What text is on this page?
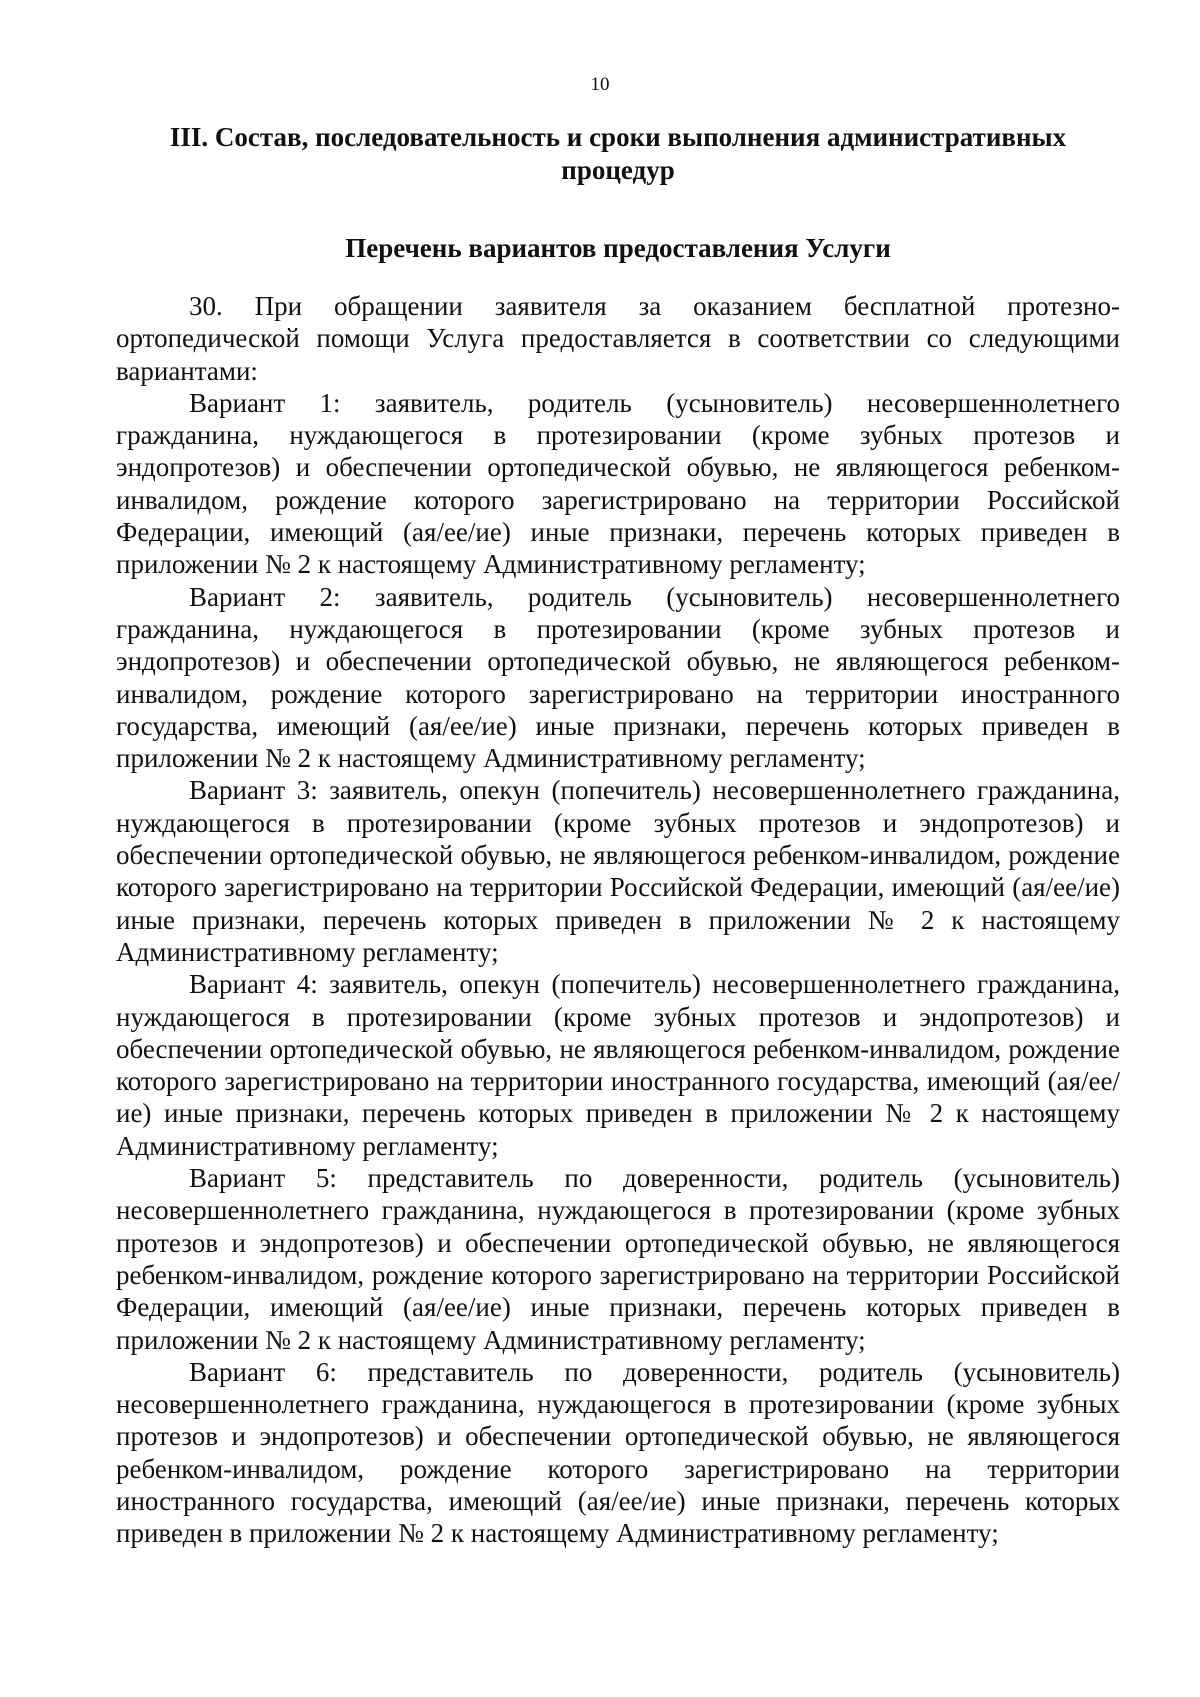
10
III. Состав, последовательность и сроки выполнения административных процедур
Перечень вариантов предоставления Услуги

30. При обращении заявителя за оказанием бесплатной протезно-ортопедической помощи Услуга предоставляется в соответствии со следующими вариантами:

Вариант 1: заявитель, родитель (усыновитель) несовершеннолетнего гражданина, нуждающегося в протезировании (кроме зубных протезов и эндопротезов) и обеспечении ортопедической обувью, не являющегося ребенком-инвалидом, рождение которого зарегистрировано на территории Российской Федерации, имеющий (ая/ее/ие) иные признаки, перечень которых приведен в приложении № 2 к настоящему Административному регламенту;

Вариант 2: заявитель, родитель (усыновитель) несовершеннолетнего гражданина, нуждающегося в протезировании (кроме зубных протезов и эндопротезов) и обеспечении ортопедической обувью, не являющегося ребенком-инвалидом, рождение которого зарегистрировано на территории иностранного государства, имеющий (ая/ее/ие) иные признаки, перечень которых приведен в приложении № 2 к настоящему Административному регламенту;

Вариант 3: заявитель, опекун (попечитель) несовершеннолетнего гражданина, нуждающегося в протезировании (кроме зубных протезов и эндопротезов) и обеспечении ортопедической обувью, не являющегося ребенком-инвалидом, рождение которого зарегистрировано на территории Российской Федерации, имеющий (ая/ее/ие) иные признаки, перечень которых приведен в приложении № 2 к настоящему Административному регламенту;

Вариант 4: заявитель, опекун (попечитель) несовершеннолетнего гражданина, нуждающегося в протезировании (кроме зубных протезов и эндопротезов) и обеспечении ортопедической обувью, не являющегося ребенком-инвалидом, рождение которого зарегистрировано на территории иностранного государства, имеющий (ая/ее/ие) иные признаки, перечень которых приведен в приложении № 2 к настоящему Административному регламенту;

Вариант 5: представитель по доверенности, родитель (усыновитель) несовершеннолетнего гражданина, нуждающегося в протезировании (кроме зубных протезов и эндопротезов) и обеспечении ортопедической обувью, не являющегося ребенком-инвалидом, рождение которого зарегистрировано на территории Российской Федерации, имеющий (ая/ее/ие) иные признаки, перечень которых приведен в приложении № 2 к настоящему Административному регламенту;

Вариант 6: представитель по доверенности, родитель (усыновитель) несовершеннолетнего гражданина, нуждающегося в протезировании (кроме зубных протезов и эндопротезов) и обеспечении ортопедической обувью, не являющегося ребенком-инвалидом, рождение которого зарегистрировано на территории иностранного государства, имеющий (ая/ее/ие) иные признаки, перечень которых приведен в приложении № 2 к настоящему Административному регламенту;
